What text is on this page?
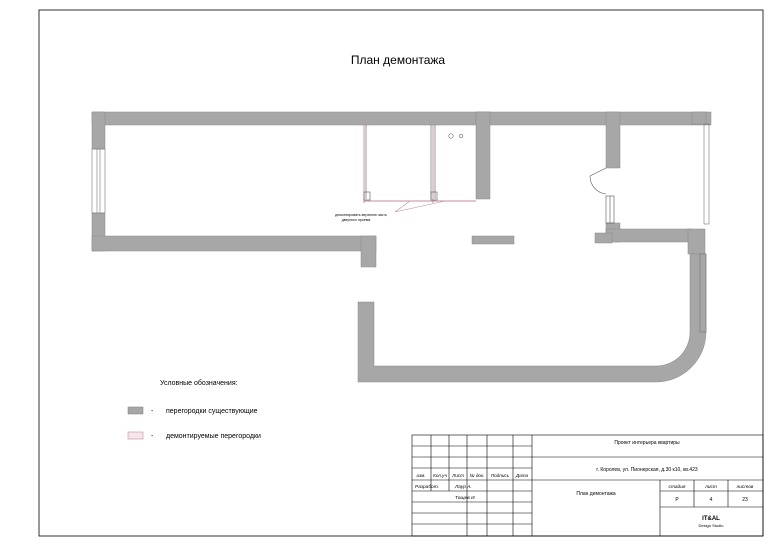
План демонтажа
демонтировать верхнюю часть
дверного проема
Условные обозначения:
- перегородки существующие
- демонтируемые перегородки
Проект интерьера квартиры
г. Королев, ул. Пионерская, д.30 к10, кв.423
изм. Кол.уч Лист № док. Подпись Дата
Разработ.	Лаур А.
Тащев И.
План демонтажа
стадия	лист	листов
Р	4	23
IT&AL
Design Studio
